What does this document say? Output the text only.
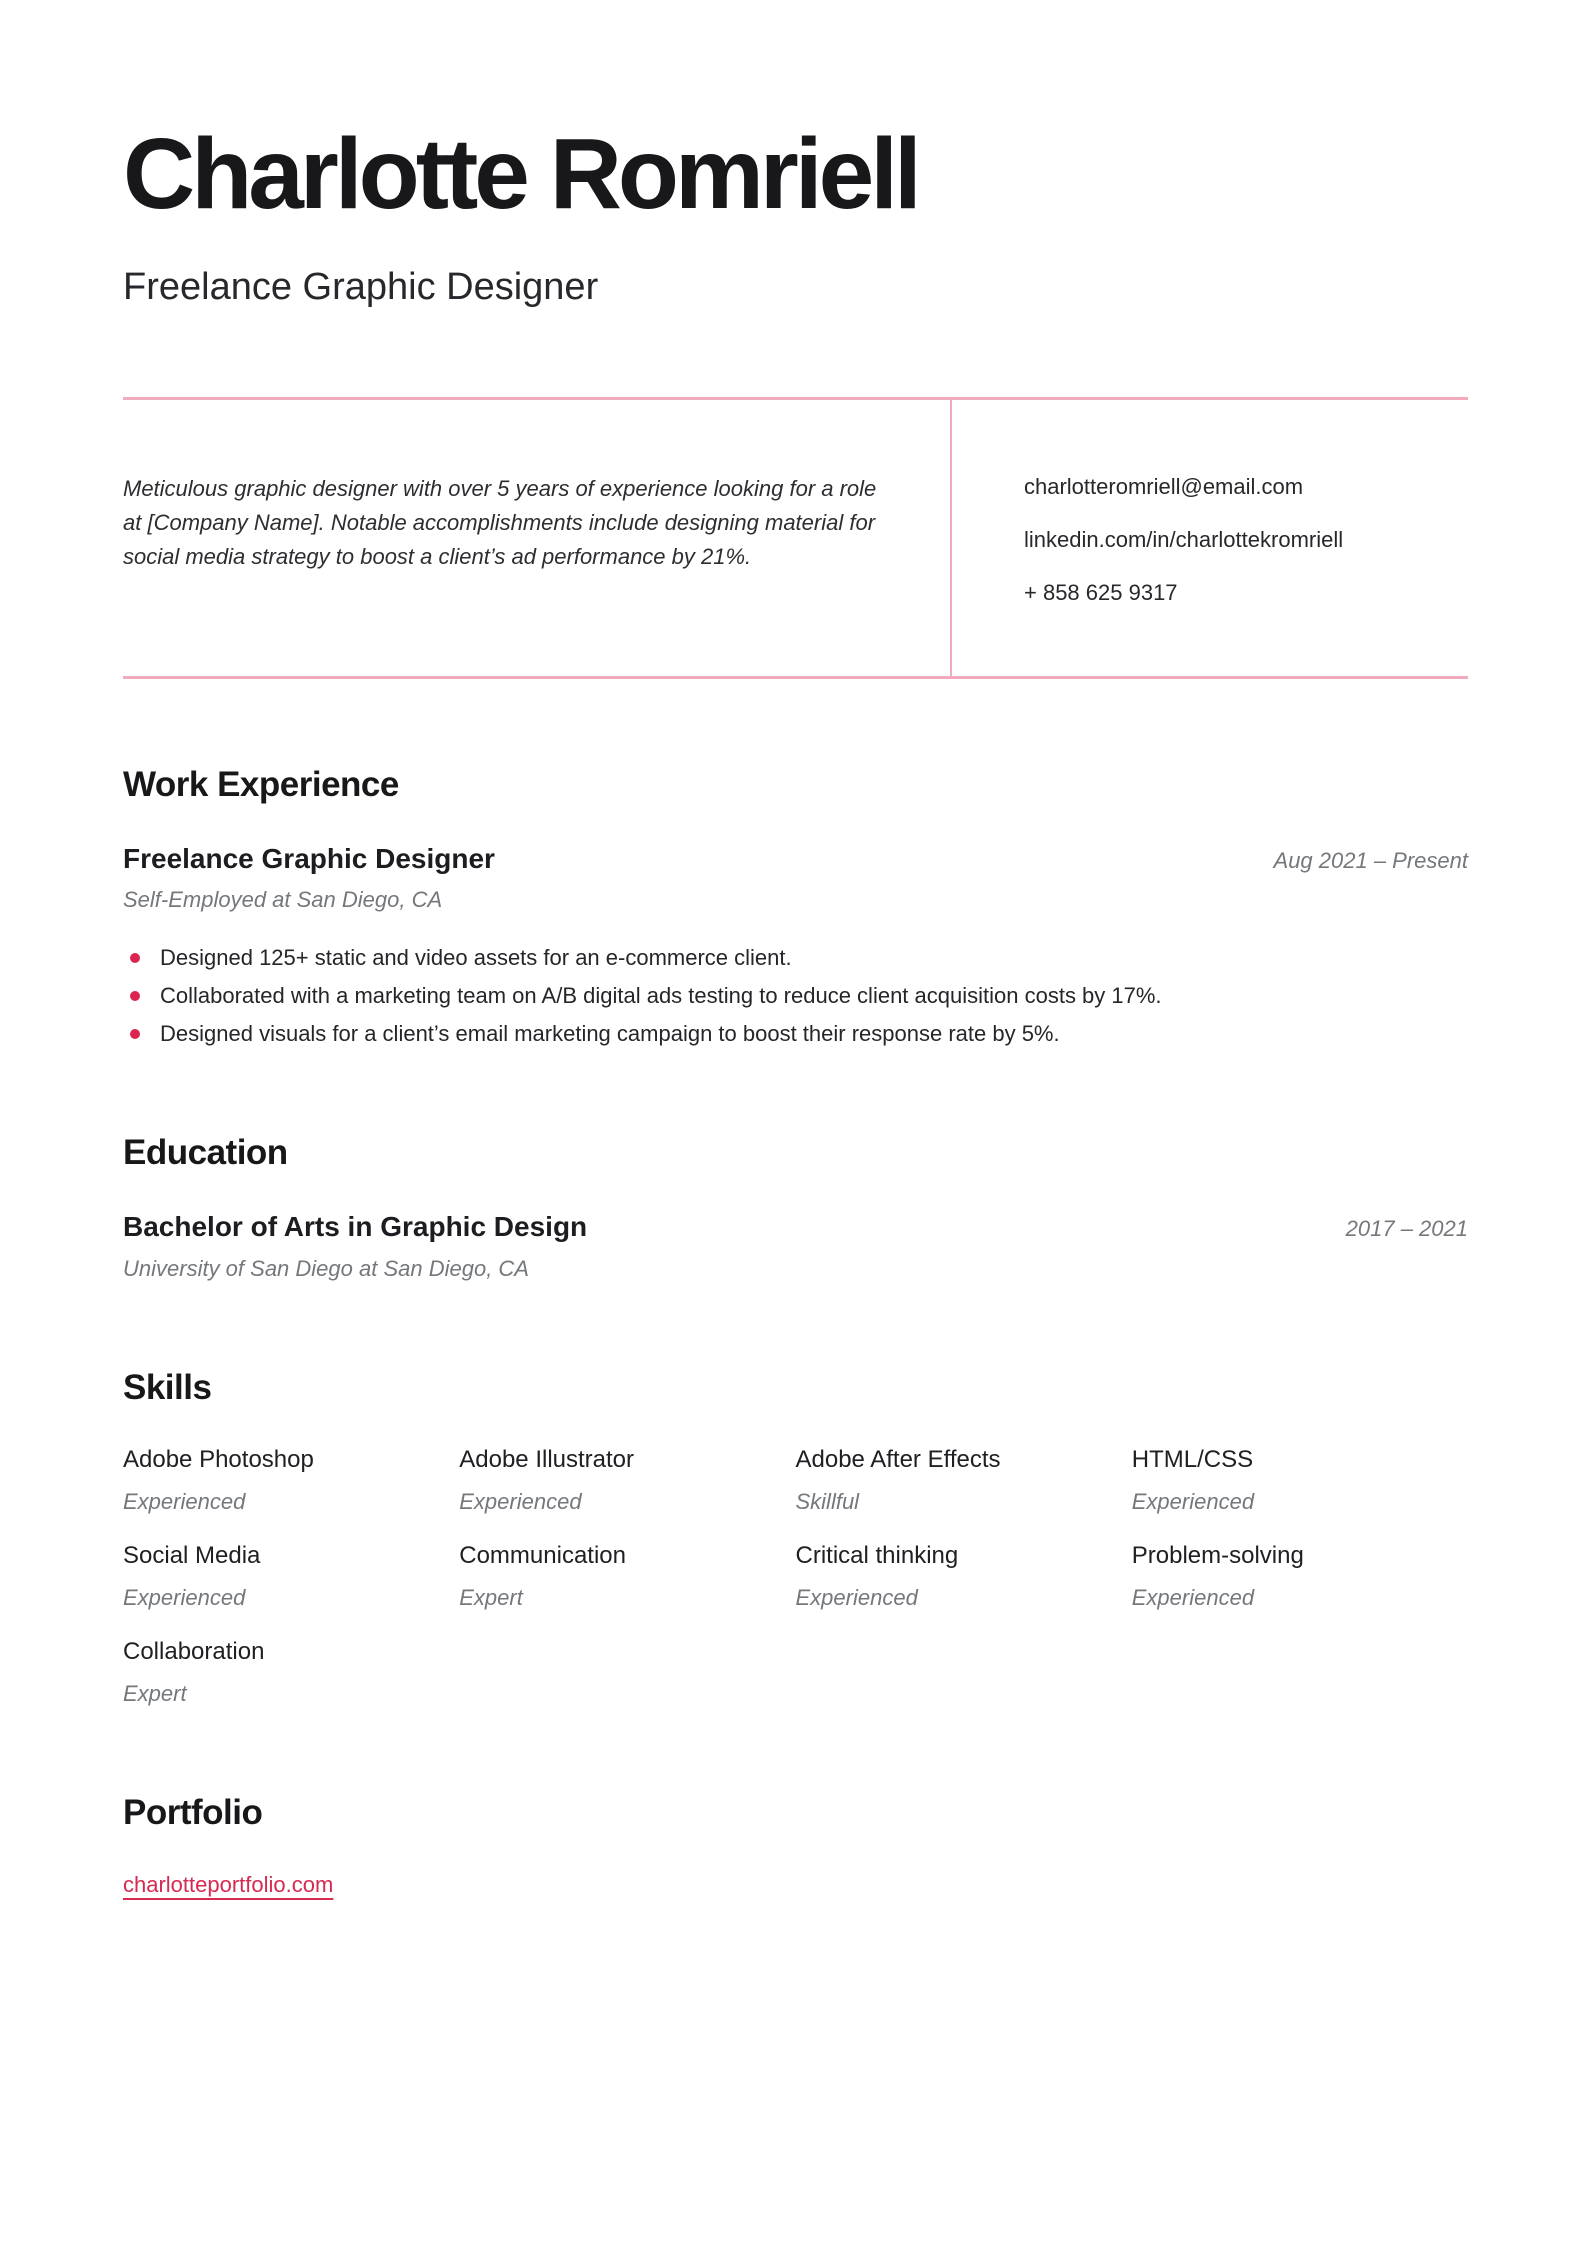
Charlotte Romriell
Freelance Graphic Designer

Meticulous graphic designer with over 5 years of experience looking for a role at [Company Name]. Notable accomplishments include designing material for social media strategy to boost a client’s ad performance by 21%.

charlotteromriell@email.com
linkedin.com/in/charlottekromriell
+ 858 625 9317
Work Experience
Freelance Graphic Designer	Aug 2021 – Present
Self-Employed at San Diego, CA
Designed 125+ static and video assets for an e-commerce client.
Collaborated with a marketing team on A/B digital ads testing to reduce client acquisition costs by 17%.
Designed visuals for a client’s email marketing campaign to boost their response rate by 5%.
Education
Bachelor of Arts in Graphic Design	2017 – 2021
University of San Diego at San Diego, CA
Skills
Adobe Photoshop
Experienced
Adobe Illustrator
Experienced
Adobe After Effects
Skillful
HTML/CSS
Experienced
Social Media
Experienced
Communication
Expert
Critical thinking
Experienced
Problem-solving
Experienced
Collaboration
Expert
Portfolio
charlotteportfolio.com
